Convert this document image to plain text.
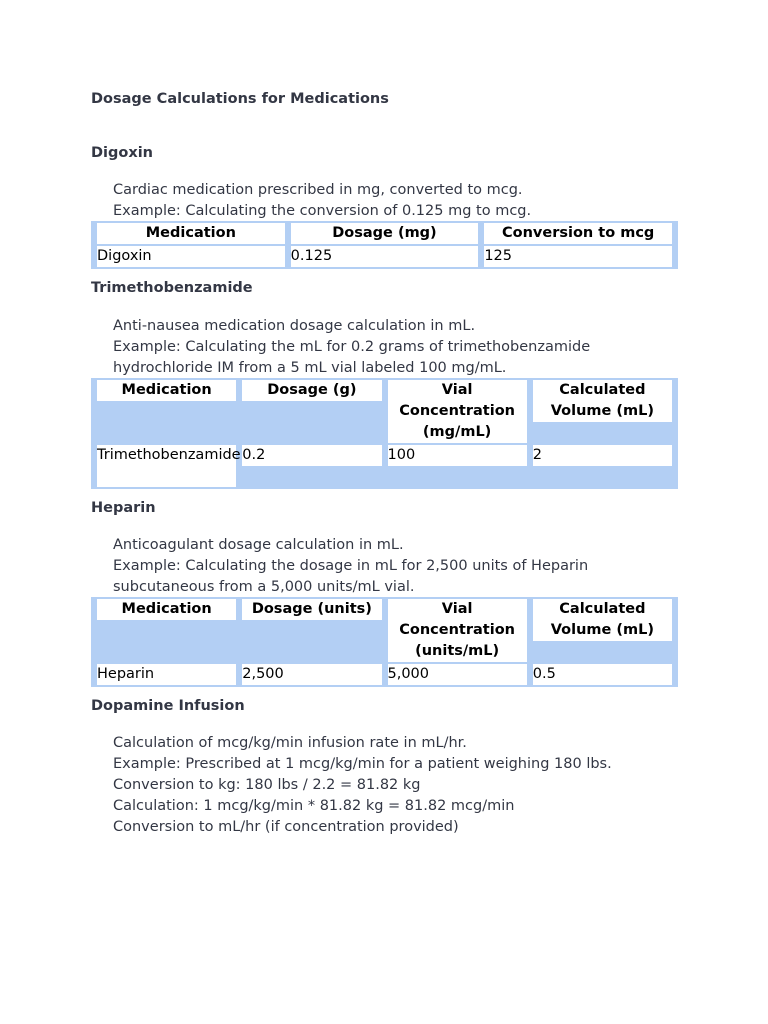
Dosage Calculations for Medications
Digoxin

Cardiac medication prescribed in mg, converted to mcg.

Example: Calculating the conversion of 0.125 mg to mcg.

Medication	Dosage (mg)	Conversion to mcg
Digoxin	0.125	125
Trimethobenzamide

Anti-nausea medication dosage calculation in mL.

Example: Calculating the mL for 0.2 grams of trimethobenzamide

hydrochloride IM from a 5 mL vial labeled 100 mg/mL.

Medication	Dosage (g)	Vial Concentration (mg/mL)	Calculated Volume (mL)

Trimethobenzamide	0.2	100	2
Heparin

Anticoagulant dosage calculation in mL.

Example: Calculating the dosage in mL for 2,500 units of Heparin

subcutaneous from a 5,000 units/mL vial.

Medication	Dosage (units)	Vial Concentration (units/mL)	Calculated Volume (mL)

Heparin	2,500	5,000	0.5
Dopamine Infusion

Calculation of mcg/kg/min infusion rate in mL/hr.

Example: Prescribed at 1 mcg/kg/min for a patient weighing 180 lbs.

Conversion to kg: 180 lbs / 2.2 = 81.82 kg

Calculation: 1 mcg/kg/min * 81.82 kg = 81.82 mcg/min

Conversion to mL/hr (if concentration provided)
